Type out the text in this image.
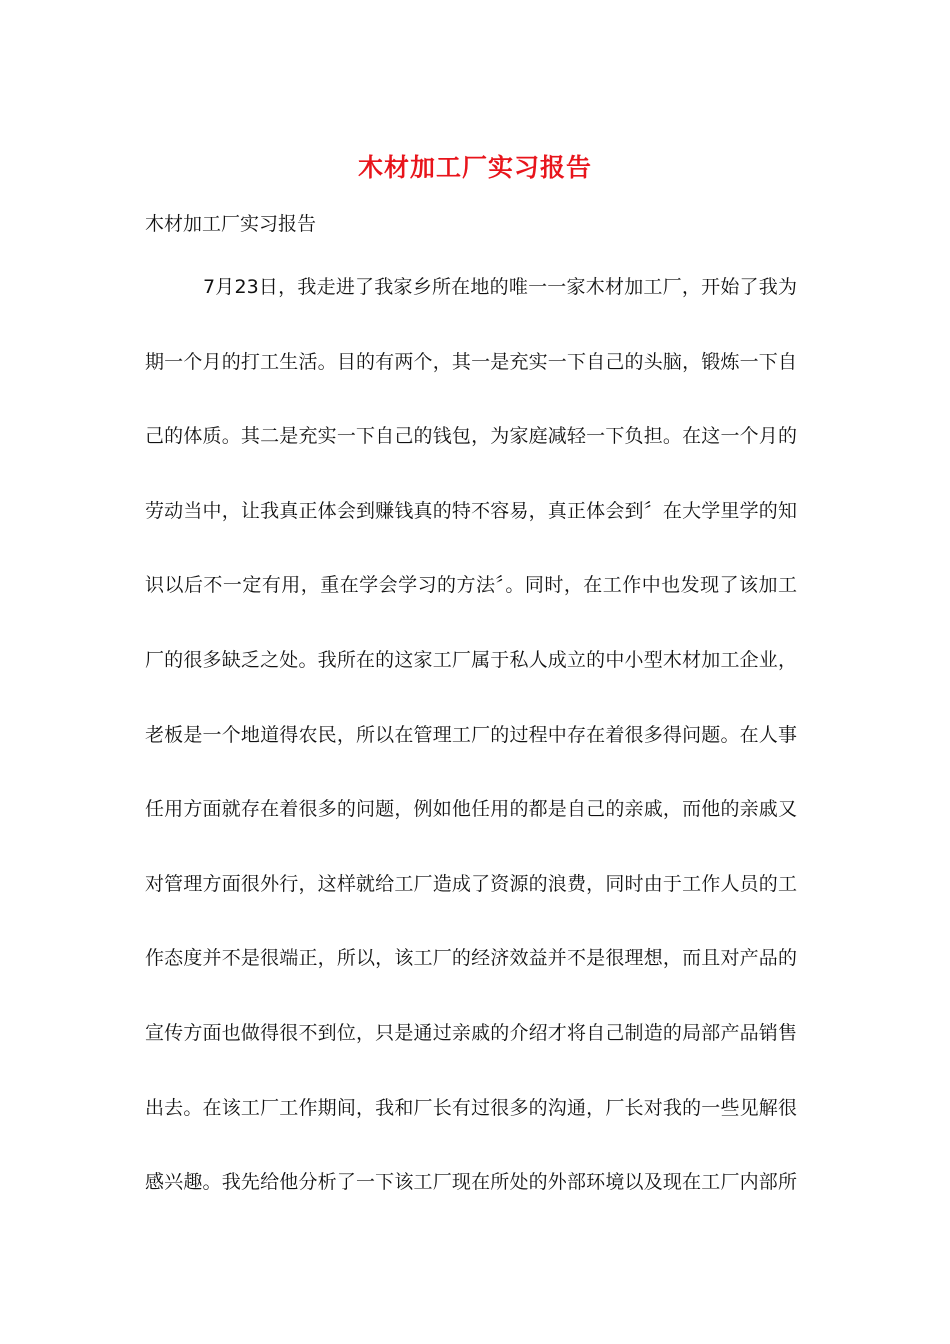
木材加工厂实习报告
木材加工厂实习报告
7月23日，我走进了我家乡所在地的唯一一家木材加工厂，开始了我为
期一个月的打工生活。目的有两个，其一是充实一下自己的头脑，锻炼一下自
己的体质。其二是充实一下自己的钱包，为家庭减轻一下负担。在这一个月的
劳动当中，让我真正体会到赚钱真的特不容易，真正体会到〞在大学里学的知
识以后不一定有用，重在学会学习的方法〞。同时，在工作中也发现了该加工
厂的很多缺乏之处。我所在的这家工厂属于私人成立的中小型木材加工企业，
老板是一个地道得农民，所以在管理工厂的过程中存在着很多得问题。在人事
任用方面就存在着很多的问题，例如他任用的都是自己的亲戚，而他的亲戚又
对管理方面很外行，这样就给工厂造成了资源的浪费，同时由于工作人员的工
作态度并不是很端正，所以，该工厂的经济效益并不是很理想，而且对产品的
宣传方面也做得很不到位，只是通过亲戚的介绍才将自己制造的局部产品销售
出去。在该工厂工作期间，我和厂长有过很多的沟通，厂长对我的一些见解很
感兴趣。我先给他分析了一下该工厂现在所处的外部环境以及现在工厂内部所
